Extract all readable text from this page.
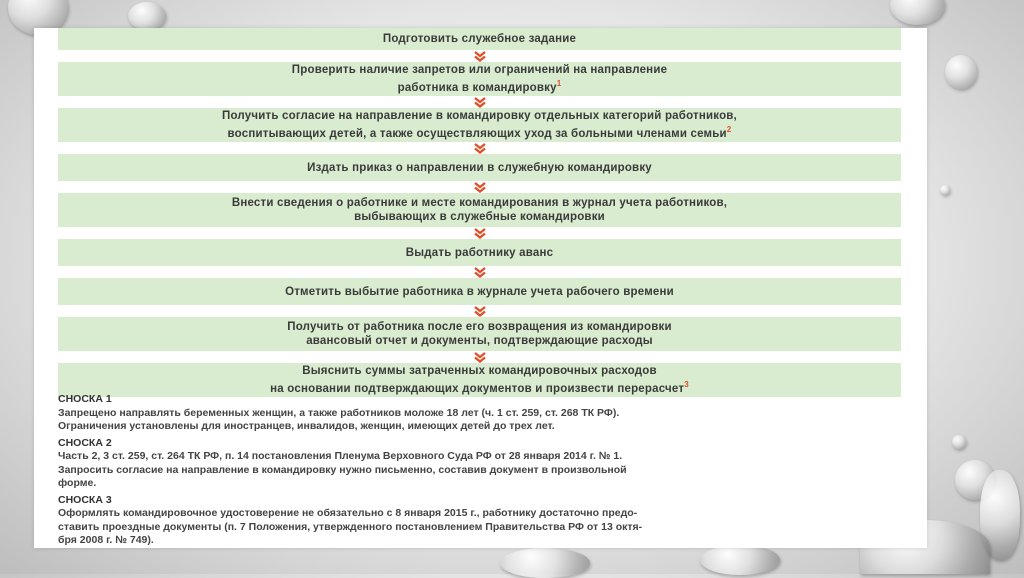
Подготовить служебное задание
Проверить наличие запретов или ограничений на направление
работника в командировку$^1$
Получить согласие на направление в командировку отдельных категорий работников,
воспитывающих детей, а также осуществляющих уход за больными членами семьи$^2$
Издать приказ о направлении в служебную командировку
Внести сведения о работнике и месте командирования в журнал учета работников,
выбывающих в служебные командировки
Выдать работнику аванс
Отметить выбытие работника в журнале учета рабочего времени
Получить от работника после его возвращения из командировки
авансовый отчет и документы, подтверждающие расходы
Выяснить суммы затраченных командировочных расходов
на основании подтверждающих документов и произвести перерасчет$^3$
СНОСКА 1
Запрещено направлять беременных женщин, а также работников моложе 18 лет (ч. 1 ст. 259, ст. 268 ТК РФ).
Ограничения установлены для иностранцев, инвалидов, женщин, имеющих детей до трех лет.
СНОСКА 2
Часть 2, 3 ст. 259, ст. 264 ТК РФ, п. 14 постановления Пленума Верховного Суда РФ от 28 января 2014 г. № 1.
Запросить согласие на направление в командировку нужно письменно, составив документ в произвольной
форме.
СНОСКА 3
Оформлять командировочное удостоверение не обязательно с 8 января 2015 г., работнику достаточно предо-
ставить проездные документы (п. 7 Положения, утвержденного постановлением Правительства РФ от 13 октя-
бря 2008 г. № 749).
